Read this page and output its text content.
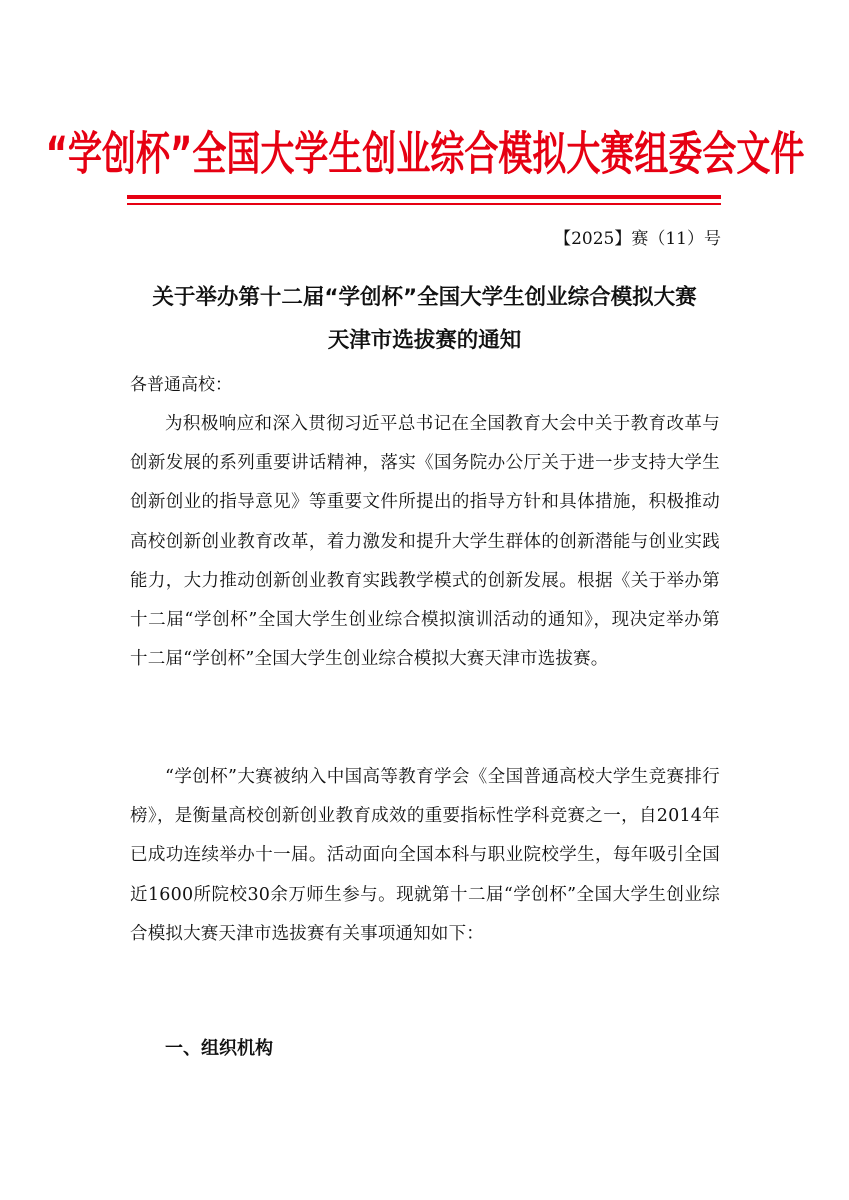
“学创杯”全国大学生创业综合模拟大赛组委会文件
【2025】赛（11）号
关于举办第十二届“学创杯”全国大学生创业综合模拟大赛
天津市选拔赛的通知
各普通高校：

为积极响应和深入贯彻习近平总书记在全国教育大会中关于教育改革与创新发展的系列重要讲话精神，落实《国务院办公厅关于进一步支持大学生创新创业的指导意见》等重要文件所提出的指导方针和具体措施，积极推动高校创新创业教育改革，着力激发和提升大学生群体的创新潜能与创业实践能力，大力推动创新创业教育实践教学模式的创新发展。根据《关于举办第十二届“学创杯”全国大学生创业综合模拟演训活动的通知》，现决定举办第十二届“学创杯”全国大学生创业综合模拟大赛天津市选拔赛。

“学创杯”大赛被纳入中国高等教育学会《全国普通高校大学生竞赛排行榜》，是衡量高校创新创业教育成效的重要指标性学科竞赛之一，自2014年已成功连续举办十一届。活动面向全国本科与职业院校学生，每年吸引全国近1600所院校30余万师生参与。现就第十二届“学创杯”全国大学生创业综合模拟大赛天津市选拔赛有关事项通知如下：

一、组织机构
